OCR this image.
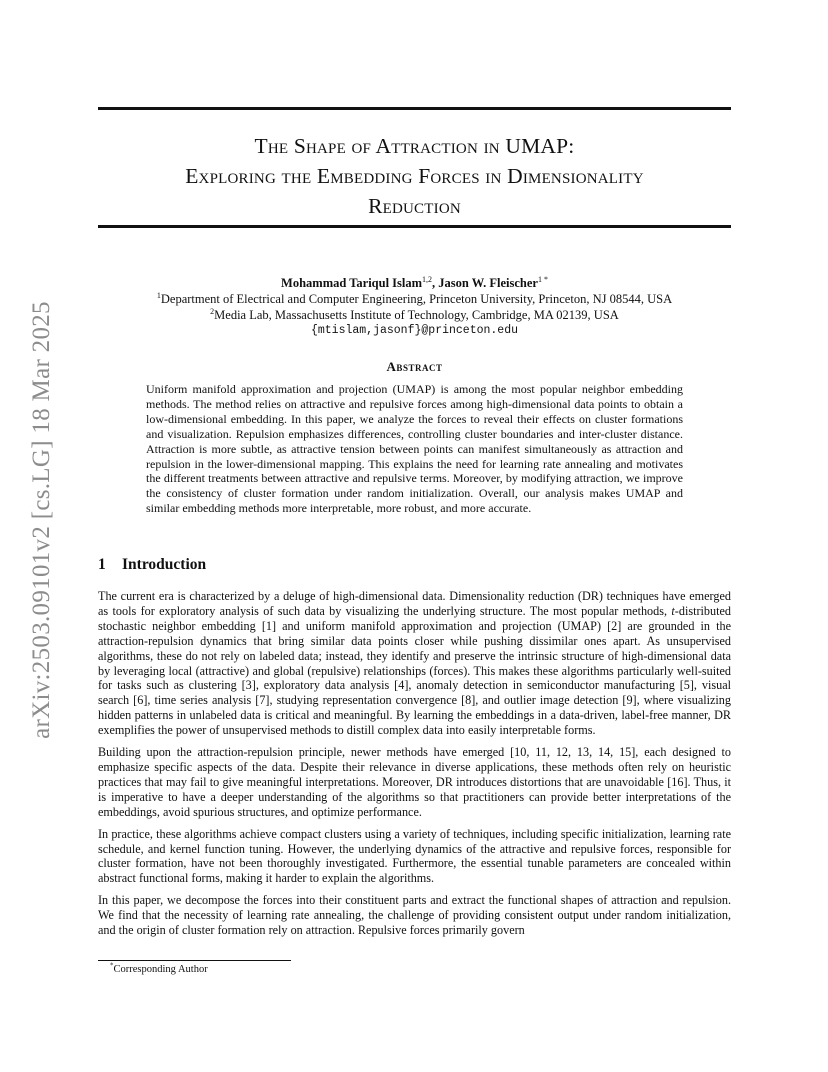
arXiv:2503.09101v2 [cs.LG] 18 Mar 2025
The Shape of Attraction in UMAP:
Exploring the Embedding Forces in Dimensionality
Reduction
Mohammad Tariqul Islam$^{1,2}$, Jason W. Fleischer$^{1 *}$
$^1$Department of Electrical and Computer Engineering, Princeton University, Princeton, NJ 08544, USA
$^2$Media Lab, Massachusetts Institute of Technology, Cambridge, MA 02139, USA
{mtislam,jasonf}@princeton.edu
Abstract
Uniform manifold approximation and projection (UMAP) is among the most popular neighbor embedding methods. The method relies on attractive and repulsive forces among high-dimensional data points to obtain a low-dimensional embedding. In this paper, we analyze the forces to reveal their effects on cluster formations and visualization. Repulsion emphasizes differences, controlling cluster boundaries and inter-cluster distance. Attraction is more subtle, as attractive tension between points can manifest simultaneously as attraction and repulsion in the lower-dimensional mapping. This explains the need for learning rate annealing and motivates the different treatments between attractive and repulsive terms. Moreover, by modifying attraction, we improve the consistency of cluster formation under random initialization. Overall, our analysis makes UMAP and similar embedding methods more interpretable, more robust, and more accurate.
1 Introduction

The current era is characterized by a deluge of high-dimensional data. Dimensionality reduction (DR) techniques have emerged as tools for exploratory analysis of such data by visualizing the underlying structure. The most popular methods, t-distributed stochastic neighbor embedding [1] and uniform manifold approximation and projection (UMAP) [2] are grounded in the attraction-repulsion dynamics that bring similar data points closer while pushing dissimilar ones apart. As unsupervised algorithms, these do not rely on labeled data; instead, they identify and preserve the intrinsic structure of high-dimensional data by leveraging local (attractive) and global (repulsive) relationships (forces). This makes these algorithms particularly well-suited for tasks such as clustering [3], exploratory data analysis [4], anomaly detection in semiconductor manufacturing [5], visual search [6], time series analysis [7], studying representation convergence [8], and outlier image detection [9], where visualizing hidden patterns in unlabeled data is critical and meaningful. By learning the embeddings in a data-driven, label-free manner, DR exemplifies the power of unsupervised methods to distill complex data into easily interpretable forms.

Building upon the attraction-repulsion principle, newer methods have emerged [10, 11, 12, 13, 14, 15], each designed to emphasize specific aspects of the data. Despite their relevance in diverse applications, these methods often rely on heuristic practices that may fail to give meaningful interpretations. Moreover, DR introduces distortions that are unavoidable [16]. Thus, it is imperative to have a deeper understanding of the algorithms so that practitioners can provide better interpretations of the embeddings, avoid spurious structures, and optimize performance.

In practice, these algorithms achieve compact clusters using a variety of techniques, including specific initialization, learning rate schedule, and kernel function tuning. However, the underlying dynamics of the attractive and repulsive forces, responsible for cluster formation, have not been thoroughly investigated. Furthermore, the essential tunable parameters are concealed within abstract functional forms, making it harder to explain the algorithms.

In this paper, we decompose the forces into their constituent parts and extract the functional shapes of attraction and repulsion. We find that the necessity of learning rate annealing, the challenge of providing consistent output under random initialization, and the origin of cluster formation rely on attraction. Repulsive forces primarily govern

*Corresponding Author
